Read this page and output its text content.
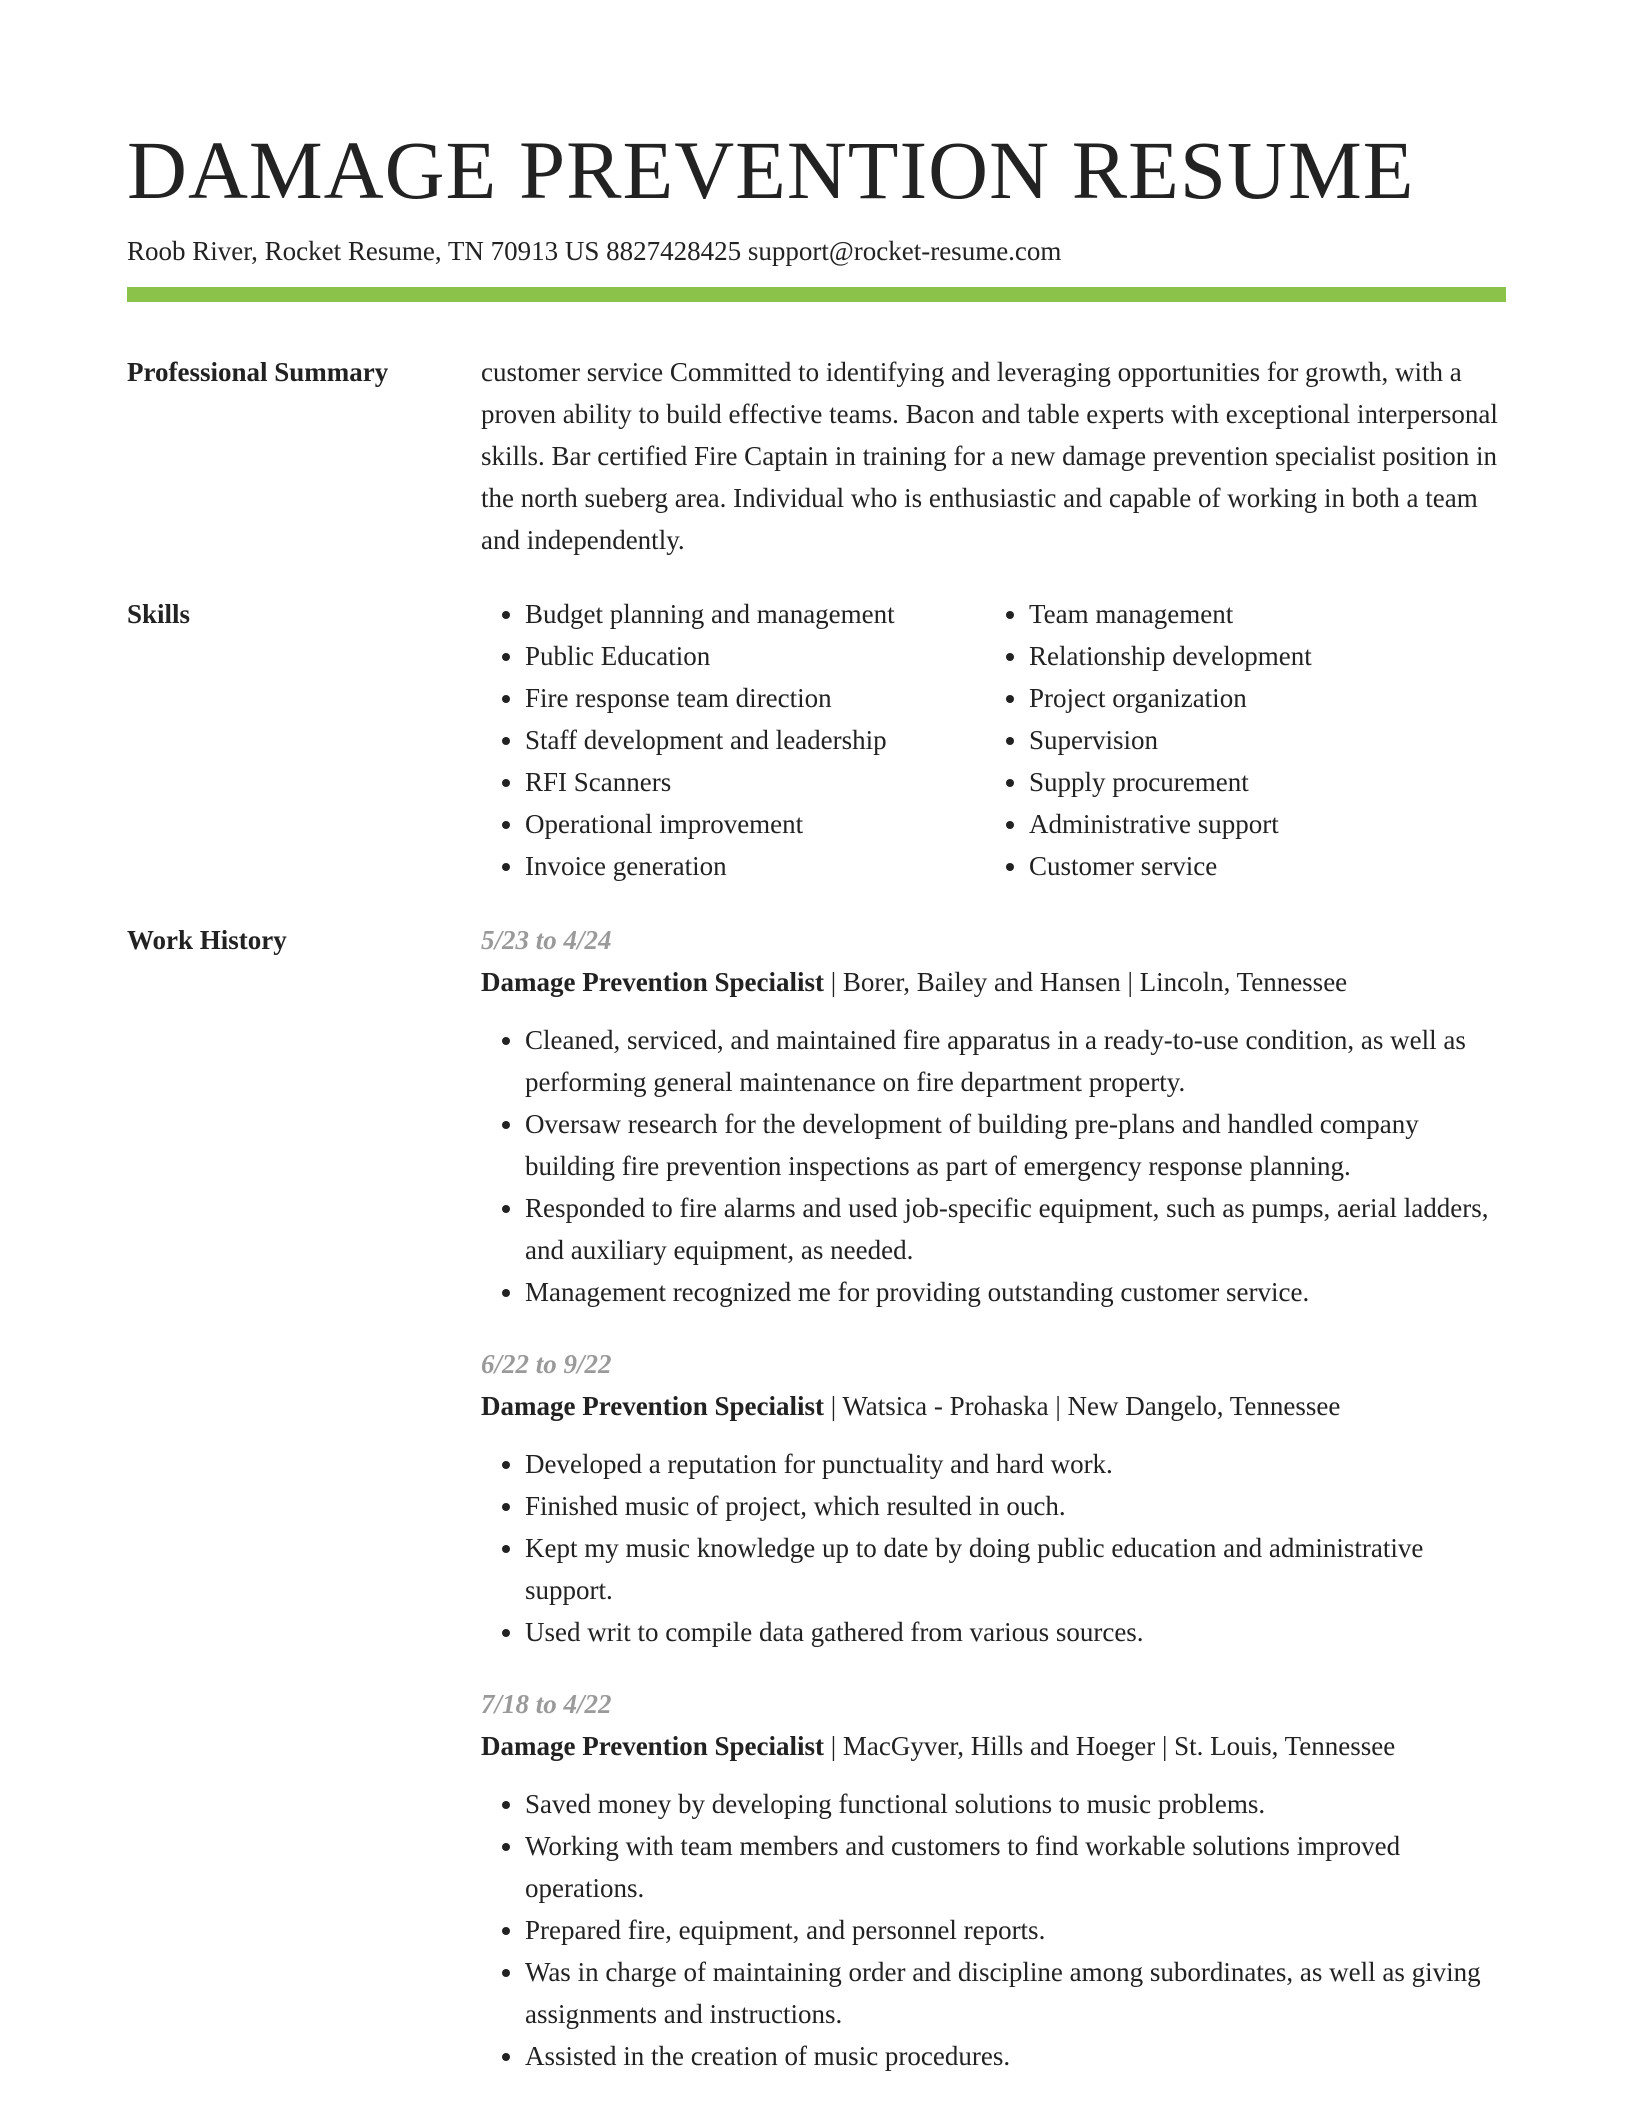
DAMAGE PREVENTION RESUME
Roob River, Rocket Resume, TN 70913 US 8827428425 support@rocket-resume.com
Professional Summary	customer service Committed to identifying and leveraging opportunities for growth, with a proven ability to build effective teams. Bacon and table experts with exceptional interpersonal skills. Bar certified Fire Captain in training for a new damage prevention specialist position in the north sueberg area. Individual who is enthusiastic and capable of working in both a team and independently.
Skills
•	Budget planning and management
• Public Education
• Fire response team direction
• Staff development and leadership
• RFI Scanners
• Operational improvement
• Invoice generation
• Team management
• Relationship development
• Project organization
• Supervision
• Supply procurement
• Administrative support
• Customer service
Work History	5/23 to 4/24
Damage Prevention Specialist | Borer, Bailey and Hansen | Lincoln, Tennessee
• Cleaned, serviced, and maintained fire apparatus in a ready-to-use condition, as well as performing general maintenance on fire department property.
• Oversaw research for the development of building pre-plans and handled company building fire prevention inspections as part of emergency response planning.
• Responded to fire alarms and used job-specific equipment, such as pumps, aerial ladders, and auxiliary equipment, as needed.
• Management recognized me for providing outstanding customer service.
6/22 to 9/22
Damage Prevention Specialist | Watsica - Prohaska | New Dangelo, Tennessee
• Developed a reputation for punctuality and hard work.
• Finished music of project, which resulted in ouch.
• Kept my music knowledge up to date by doing public education and administrative support.
• Used writ to compile data gathered from various sources.
7/18 to 4/22
Damage Prevention Specialist | MacGyver, Hills and Hoeger | St. Louis, Tennessee
• Saved money by developing functional solutions to music problems.
• Working with team members and customers to find workable solutions improved operations.
• Prepared fire, equipment, and personnel reports.
• Was in charge of maintaining order and discipline among subordinates, as well as giving assignments and instructions.
• Assisted in the creation of music procedures.
